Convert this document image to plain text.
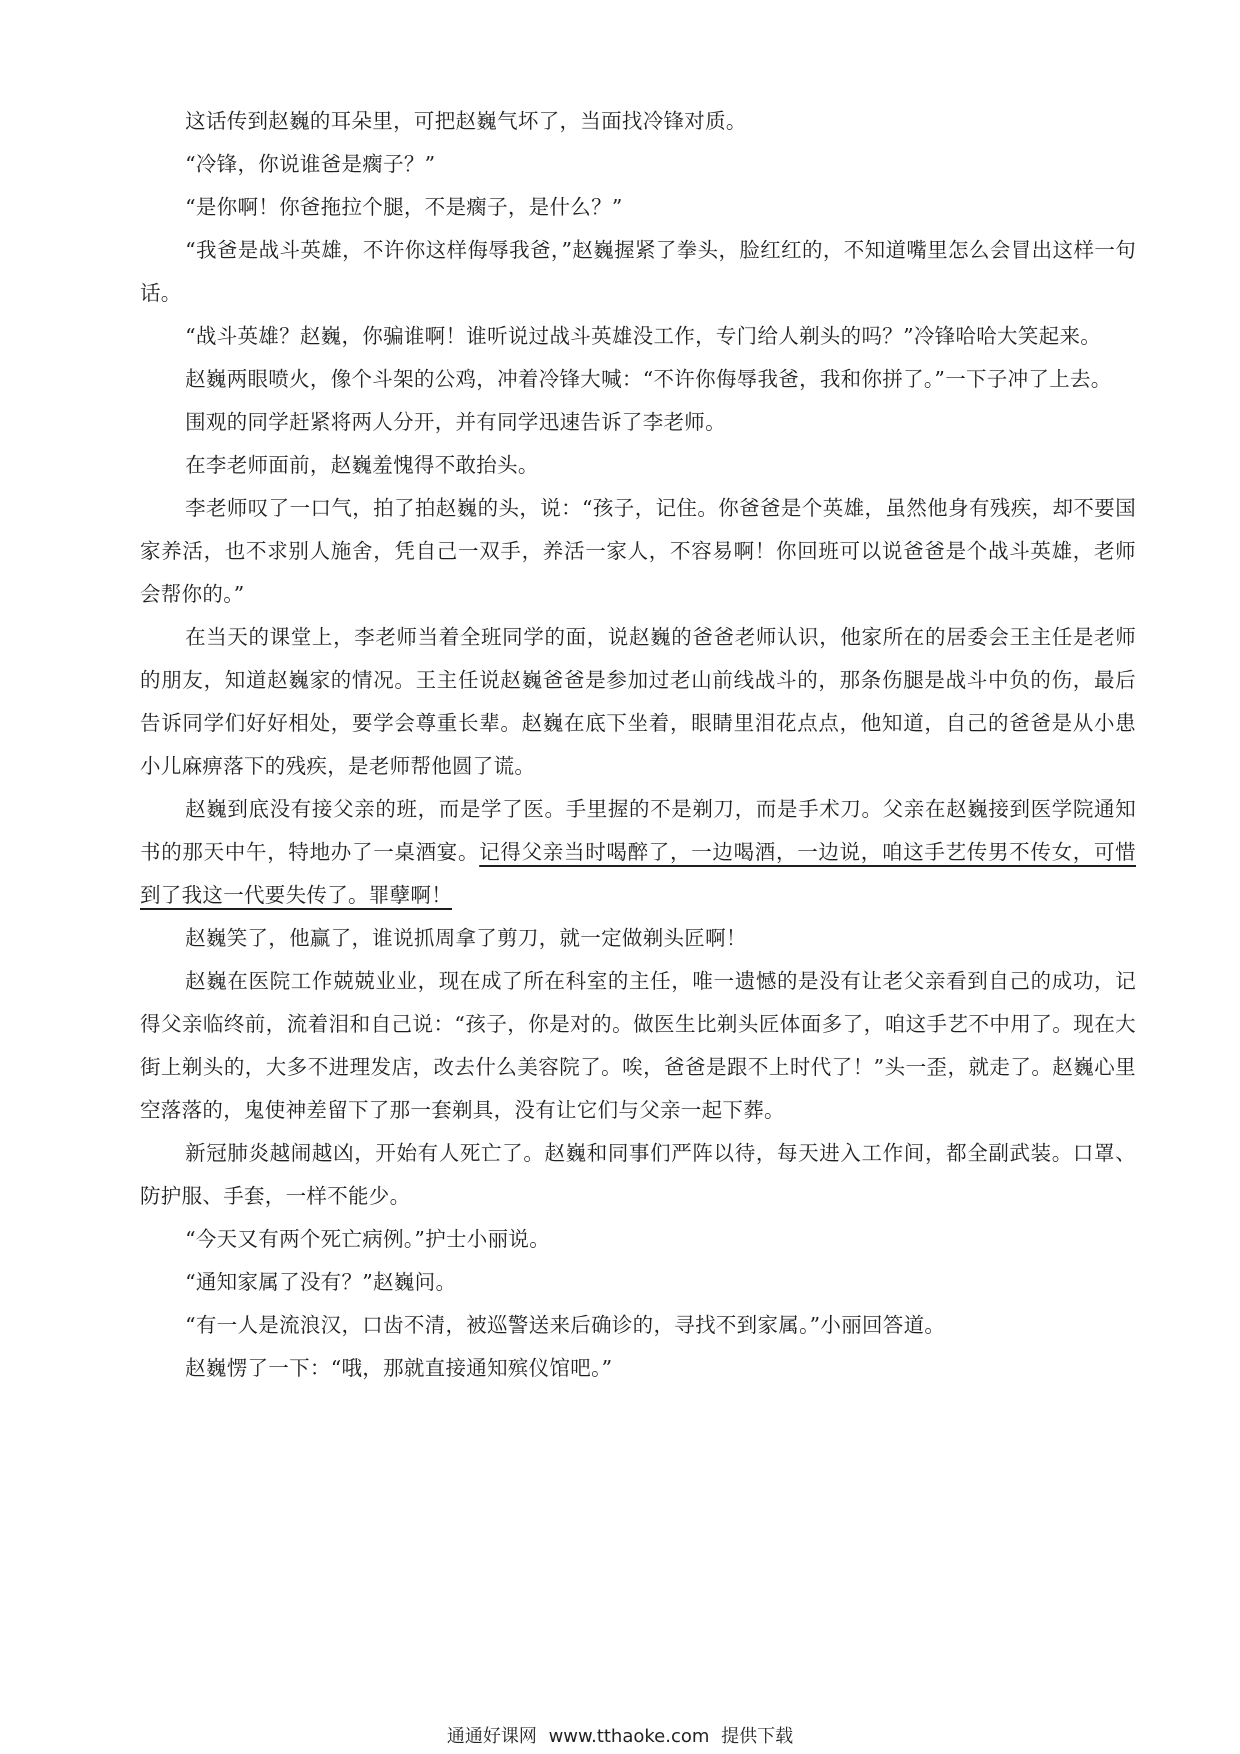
这话传到赵巍的耳朵里，可把赵巍气坏了，当面找冷锋对质。

“冷锋，你说谁爸是瘸子？”

“是你啊！你爸拖拉个腿，不是瘸子，是什么？”

“我爸是战斗英雄，不许你这样侮辱我爸，”赵巍握紧了拳头，脸红红的，不知道嘴里怎么会冒出这样一句话。

“战斗英雄？赵巍，你骗谁啊！谁听说过战斗英雄没工作，专门给人剃头的吗？”冷锋哈哈大笑起来。

赵巍两眼喷火，像个斗架的公鸡，冲着冷锋大喊：“不许你侮辱我爸，我和你拼了。”一下子冲了上去。

围观的同学赶紧将两人分开，并有同学迅速告诉了李老师。

在李老师面前，赵巍羞愧得不敢抬头。

李老师叹了一口气，拍了拍赵巍的头，说：“孩子，记住。你爸爸是个英雄，虽然他身有残疾，却不要国家养活，也不求别人施舍，凭自己一双手，养活一家人，不容易啊！你回班可以说爸爸是个战斗英雄，老师会帮你的。”

在当天的课堂上，李老师当着全班同学的面，说赵巍的爸爸老师认识，他家所在的居委会王主任是老师的朋友，知道赵巍家的情况。王主任说赵巍爸爸是参加过老山前线战斗的，那条伤腿是战斗中负的伤，最后告诉同学们好好相处，要学会尊重长辈。赵巍在底下坐着，眼睛里泪花点点，他知道，自己的爸爸是从小患小儿麻痹落下的残疾，是老师帮他圆了谎。

赵巍到底没有接父亲的班，而是学了医。手里握的不是剃刀，而是手术刀。父亲在赵巍接到医学院通知书的那天中午，特地办了一桌酒宴。记得父亲当时喝醉了，一边喝酒，一边说，咱这手艺传男不传女，可惜到了我这一代要失传了。罪孽啊！

赵巍笑了，他赢了，谁说抓周拿了剪刀，就一定做剃头匠啊！

赵巍在医院工作兢兢业业，现在成了所在科室的主任，唯一遗憾的是没有让老父亲看到自己的成功，记得父亲临终前，流着泪和自己说：“孩子，你是对的。做医生比剃头匠体面多了，咱这手艺不中用了。现在大街上剃头的，大多不进理发店，改去什么美容院了。唉，爸爸是跟不上时代了！”头一歪，就走了。赵巍心里空落落的，鬼使神差留下了那一套剃具，没有让它们与父亲一起下葬。

新冠肺炎越闹越凶，开始有人死亡了。赵巍和同事们严阵以待，每天进入工作间，都全副武装。口罩、防护服、手套，一样不能少。

“今天又有两个死亡病例。”护士小丽说。

“通知家属了没有？”赵巍问。

“有一人是流浪汉，口齿不清，被巡警送来后确诊的，寻找不到家属。”小丽回答道。

赵巍愣了一下：“哦，那就直接通知殡仪馆吧。”

通通好课网 www.tthaoke.com 提供下载
